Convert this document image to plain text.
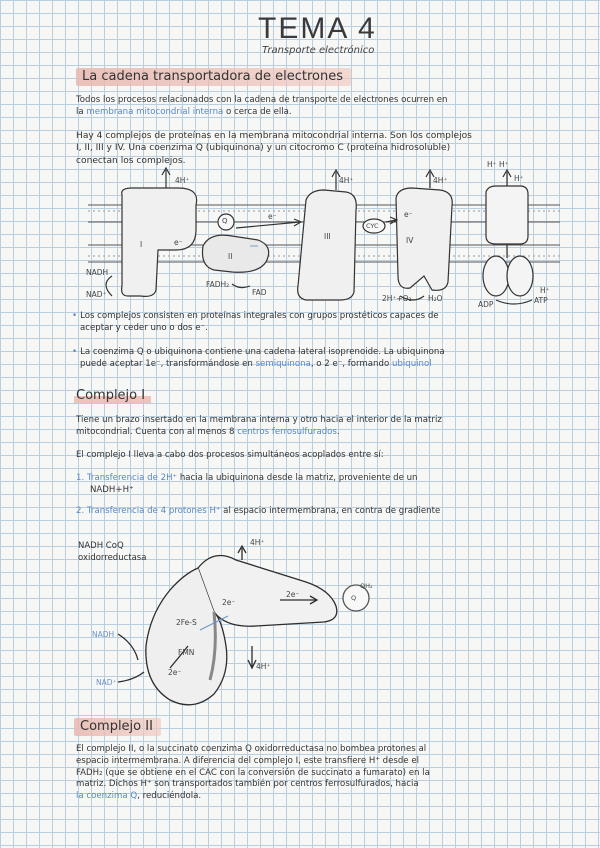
TEMA 4
Transporte electrónico
La cadena transportadora de electrones
Todos los procesos relacionados con la cadena de transporte de electrones ocurren en
la membrana mitocondrial interna o cerca de ella.
Hay 4 complejos de proteínas en la membrana mitocondrial interna. Son los complejos
I, II, III y IV. Una coenzima Q (ubiquinona) y un citocromo C (proteína hidrosoluble)
conectan los complejos.
4H⁺	4H⁺	4H⁺
H⁺ H⁺
H⁺
Q
CYC
e⁻
e⁻
e⁻
I
II
III	IV
NADH
NAD⁺
FADH₂
FAD
2H⁺+O₂ H₂O
ADP	ATP
H⁺
• Los complejos consisten en proteínas integrales con grupos prostéticos capaces de
aceptar y ceder uno o dos e⁻.
• La coenzima Q o ubiquinona contiene una cadena lateral isoprenoide. La ubiquinona
puede aceptar 1e⁻, transformándose en semiquinona, o 2 e⁻, formando ubiquinol
Complejo I
Tiene un brazo insertado en la membrana interna y otro hacia el interior de la matriz
mitocondrial. Cuenta con al menos 8 centros ferrosulfurados.
El complejo I lleva a cabo dos procesos simultáneos acoplados entre sí:
1. Transferencia de 2H⁺ hacia la ubiquinona desde la matriz, proveniente de un
NADH+H⁺
2. Transferencia de 4 protones H⁺ al espacio intermembrana, en contra de gradiente
NADH CoQ
oxidorreductasa
4H⁺
2e⁻
2e⁻
2e⁻
2Fe-S
FMN
Q
QH₂
NADH
NAD⁺
4H⁺
Complejo II
El complejo II, o la succinato coenzima Q oxidorreductasa no bombea protones al
espacio intermembrana. A diferencia del complejo I, este transfiere H⁺ desde el
FADH₂ (que se obtiene en el CAC con la conversión de succinato a fumarato) en la
matriz. Dichos H⁺ son transportados también por centros ferrosulfurados, hacia
la coenzima Q, reduciéndola.
